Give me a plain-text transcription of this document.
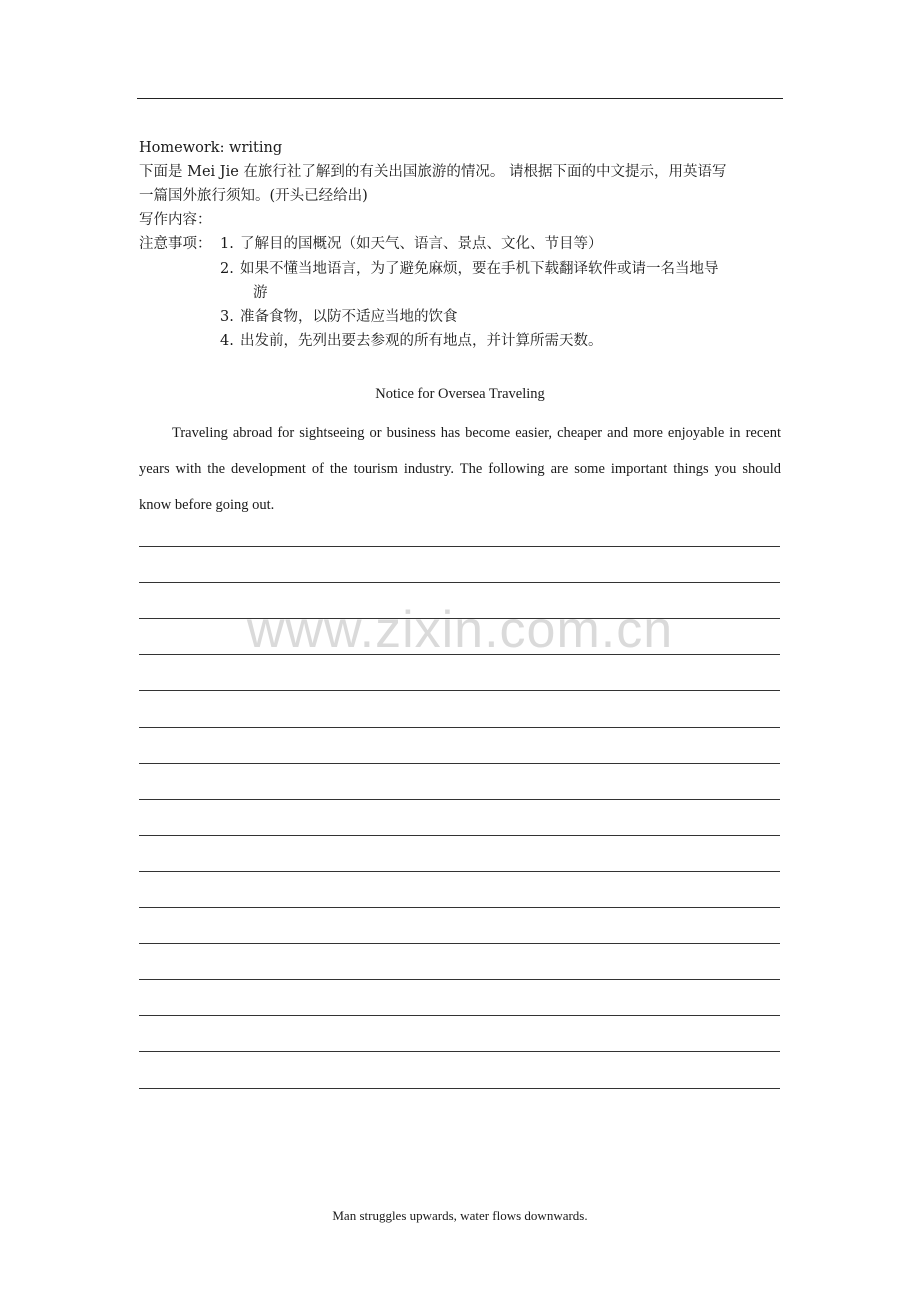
Homework: writing
下面是 Mei Jie 在旅行社了解到的有关出国旅游的情况。 请根据下面的中文提示，用英语写
一篇国外旅行须知。(开头已经给出)
写作内容：
注意事项： 1. 了解目的国概况（如天气、语言、景点、文化、节目等）
2. 如果不懂当地语言，为了避免麻烦，要在手机下载翻译软件或请一名当地导
游
3. 准备食物，以防不适应当地的饮食
4. 出发前，先列出要去参观的所有地点，并计算所需天数。
Notice for Oversea Traveling

Traveling abroad for sightseeing or business has become easier, cheaper and more enjoyable in recent years with the development of the tourism industry. The following are some important things you should know before going out.

www.zixin.com.cn
Man struggles upwards, water flows downwards.
